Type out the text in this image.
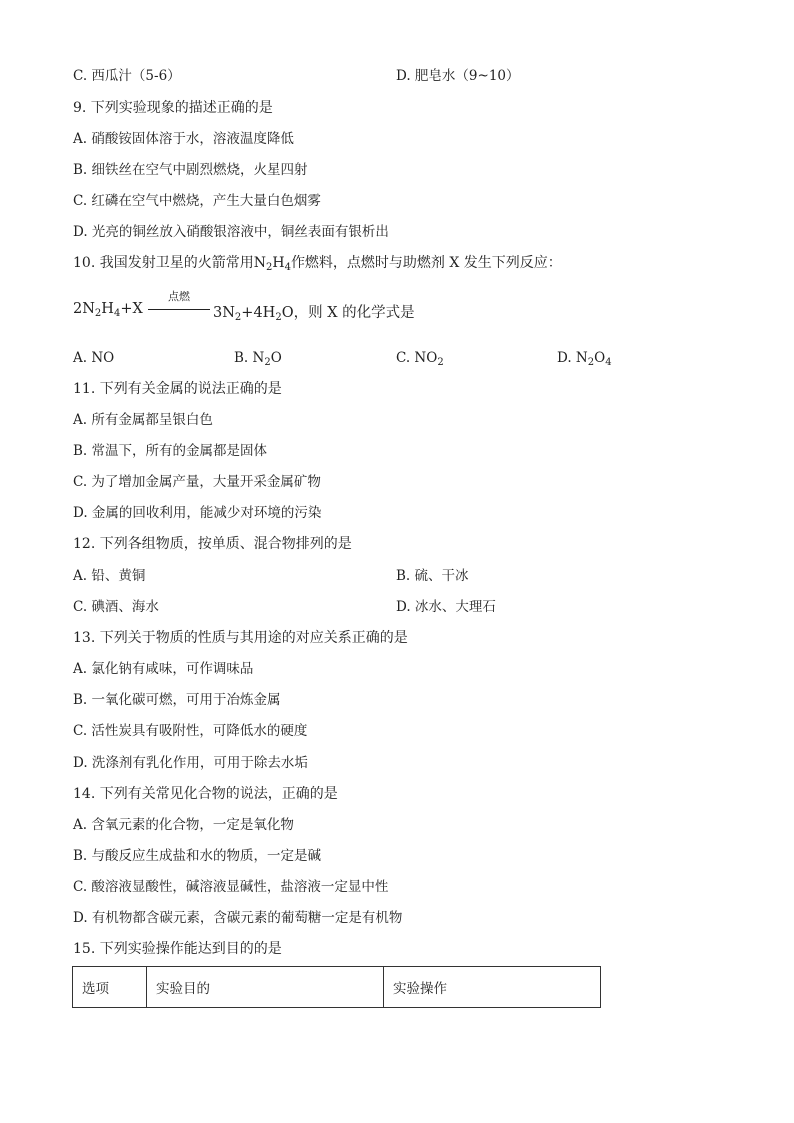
C. 西瓜汁（5-6）	D. 肥皂水（9~10）
9. 下列实验现象的描述正确的是
A. 硝酸铵固体溶于水，溶液温度降低
B. 细铁丝在空气中剧烈燃烧，火星四射
C. 红磷在空气中燃烧，产生大量白色烟雾
D. 光亮的铜丝放入硝酸银溶液中，铜丝表面有银析出
10. 我国发射卫星的火箭常用$N_2H_4$作燃料，点燃时与助燃剂 X 发生下列反应：
$2N_2H_4+X$
点燃
$3N_2+4H_2O$，则 X 的化学式是
A. NO	B. $N_2O$	C. $NO_2$	D. $N_2O_4$
11. 下列有关金属的说法正确的是
A. 所有金属都呈银白色
B. 常温下，所有的金属都是固体
C. 为了增加金属产量，大量开采金属矿物
D. 金属的回收利用，能减少对环境的污染
12. 下列各组物质，按单质、混合物排列的是
A. 铅、黄铜	B. 硫、干冰
C. 碘酒、海水	D. 冰水、大理石
13. 下列关于物质的性质与其用途的对应关系正确的是
A. 氯化钠有咸味，可作调味品
B. 一氧化碳可燃，可用于冶炼金属
C. 活性炭具有吸附性，可降低水的硬度
D. 洗涤剂有乳化作用，可用于除去水垢
14. 下列有关常见化合物的说法，正确的是
A. 含氧元素的化合物，一定是氧化物
B. 与酸反应生成盐和水的物质，一定是碱
C. 酸溶液显酸性，碱溶液显碱性，盐溶液一定显中性
D. 有机物都含碳元素，含碳元素的葡萄糖一定是有机物
15. 下列实验操作能达到目的的是
选项	实验目的	实验操作
